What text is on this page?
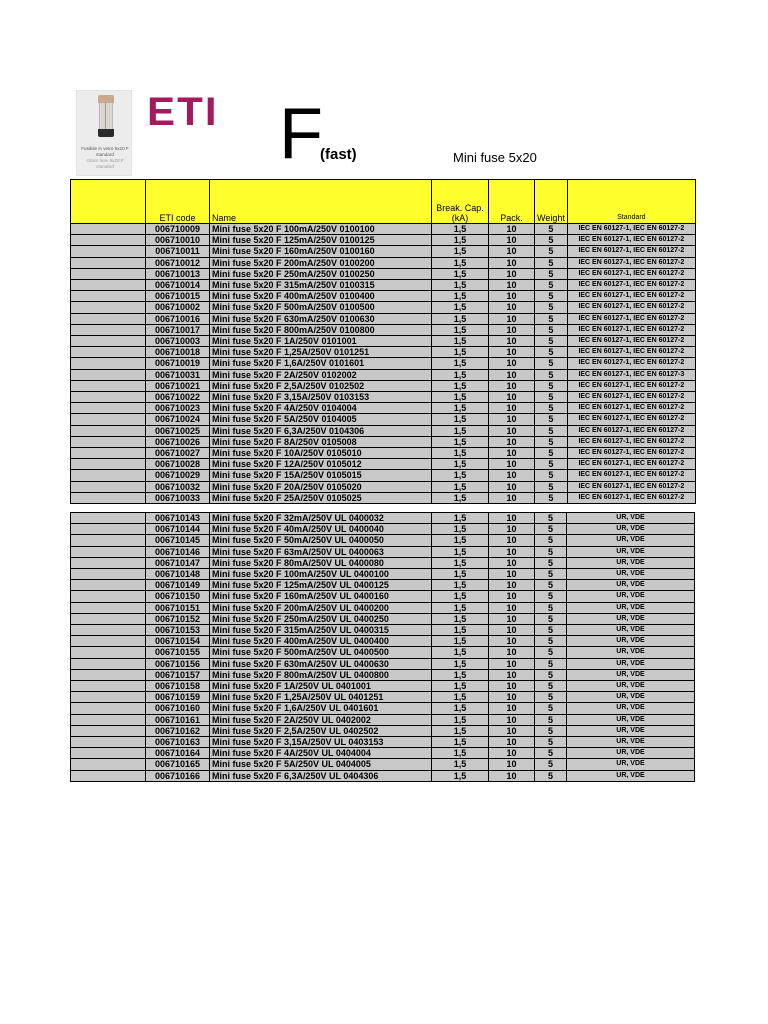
Fusibile in vetro 5x20 F
standard
Glass fuse 5x20 F
standard
ETI F
(fast)	Mini fuse 5x20
	ETI code	Name	Break. Cap.
(kA)	Pack.	Weight	Standard
	006710009	Mini fuse 5x20 F 100mA/250V 0100100	1,5	10	5	IEC EN 60127-1, IEC EN 60127-2
	006710010	Mini fuse 5x20 F 125mA/250V 0100125	1,5	10	5	IEC EN 60127-1, IEC EN 60127-2
	006710011	Mini fuse 5x20 F 160mA/250V 0100160	1,5	10	5	IEC EN 60127-1, IEC EN 60127-2
	006710012	Mini fuse 5x20 F 200mA/250V 0100200	1,5	10	5	IEC EN 60127-1, IEC EN 60127-2
	006710013	Mini fuse 5x20 F 250mA/250V 0100250	1,5	10	5	IEC EN 60127-1, IEC EN 60127-2
	006710014	Mini fuse 5x20 F 315mA/250V 0100315	1,5	10	5	IEC EN 60127-1, IEC EN 60127-2
	006710015	Mini fuse 5x20 F 400mA/250V 0100400	1,5	10	5	IEC EN 60127-1, IEC EN 60127-2
	006710002	Mini fuse 5x20 F 500mA/250V 0100500	1,5	10	5	IEC EN 60127-1, IEC EN 60127-2
	006710016	Mini fuse 5x20 F 630mA/250V 0100630	1,5	10	5	IEC EN 60127-1, IEC EN 60127-2
	006710017	Mini fuse 5x20 F 800mA/250V 0100800	1,5	10	5	IEC EN 60127-1, IEC EN 60127-2
	006710003	Mini fuse 5x20 F 1A/250V 0101001	1,5	10	5	IEC EN 60127-1, IEC EN 60127-2
	006710018	Mini fuse 5x20 F 1,25A/250V 0101251	1,5	10	5	IEC EN 60127-1, IEC EN 60127-2
	006710019	Mini fuse 5x20 F 1,6A/250V 0101601	1,5	10	5	IEC EN 60127-1, IEC EN 60127-2
	006710031	Mini fuse 5x20 F 2A/250V 0102002	1,5	10	5	IEC EN 60127-1, IEC EN 60127-3
	006710021	Mini fuse 5x20 F 2,5A/250V 0102502	1,5	10	5	IEC EN 60127-1, IEC EN 60127-2
	006710022	Mini fuse 5x20 F 3,15A/250V 0103153	1,5	10	5	IEC EN 60127-1, IEC EN 60127-2
	006710023	Mini fuse 5x20 F 4A/250V 0104004	1,5	10	5	IEC EN 60127-1, IEC EN 60127-2
	006710024	Mini fuse 5x20 F 5A/250V 0104005	1,5	10	5	IEC EN 60127-1, IEC EN 60127-2
	006710025	Mini fuse 5x20 F 6,3A/250V 0104306	1,5	10	5	IEC EN 60127-1, IEC EN 60127-2
	006710026	Mini fuse 5x20 F 8A/250V 0105008	1,5	10	5	IEC EN 60127-1, IEC EN 60127-2
	006710027	Mini fuse 5x20 F 10A/250V 0105010	1,5	10	5	IEC EN 60127-1, IEC EN 60127-2
	006710028	Mini fuse 5x20 F 12A/250V 0105012	1,5	10	5	IEC EN 60127-1, IEC EN 60127-2
	006710029	Mini fuse 5x20 F 15A/250V 0105015	1,5	10	5	IEC EN 60127-1, IEC EN 60127-2
	006710032	Mini fuse 5x20 F 20A/250V 0105020	1,5	10	5	IEC EN 60127-1, IEC EN 60127-2
	006710033	Mini fuse 5x20 F 25A/250V 0105025	1,5	10	5	IEC EN 60127-1, IEC EN 60127-2
	006710143	Mini fuse 5x20 F 32mA/250V UL 0400032	1,5	10	5	UR, VDE
	006710144	Mini fuse 5x20 F 40mA/250V UL 0400040	1,5	10	5	UR, VDE
	006710145	Mini fuse 5x20 F 50mA/250V UL 0400050	1,5	10	5	UR, VDE
	006710146	Mini fuse 5x20 F 63mA/250V UL 0400063	1,5	10	5	UR, VDE
	006710147	Mini fuse 5x20 F 80mA/250V UL 0400080	1,5	10	5	UR, VDE
	006710148	Mini fuse 5x20 F 100mA/250V UL 0400100	1,5	10	5	UR, VDE
	006710149	Mini fuse 5x20 F 125mA/250V UL 0400125	1,5	10	5	UR, VDE
	006710150	Mini fuse 5x20 F 160mA/250V UL 0400160	1,5	10	5	UR, VDE
	006710151	Mini fuse 5x20 F 200mA/250V UL 0400200	1,5	10	5	UR, VDE
	006710152	Mini fuse 5x20 F 250mA/250V UL 0400250	1,5	10	5	UR, VDE
	006710153	Mini fuse 5x20 F 315mA/250V UL 0400315	1,5	10	5	UR, VDE
	006710154	Mini fuse 5x20 F 400mA/250V UL 0400400	1,5	10	5	UR, VDE
	006710155	Mini fuse 5x20 F 500mA/250V UL 0400500	1,5	10	5	UR, VDE
	006710156	Mini fuse 5x20 F 630mA/250V UL 0400630	1,5	10	5	UR, VDE
	006710157	Mini fuse 5x20 F 800mA/250V UL 0400800	1,5	10	5	UR, VDE
	006710158	Mini fuse 5x20 F 1A/250V UL 0401001	1,5	10	5	UR, VDE
	006710159	Mini fuse 5x20 F 1,25A/250V UL 0401251	1,5	10	5	UR, VDE
	006710160	Mini fuse 5x20 F 1,6A/250V UL 0401601	1,5	10	5	UR, VDE
	006710161	Mini fuse 5x20 F 2A/250V UL 0402002	1,5	10	5	UR, VDE
	006710162	Mini fuse 5x20 F 2,5A/250V UL 0402502	1,5	10	5	UR, VDE
	006710163	Mini fuse 5x20 F 3,15A/250V UL 0403153	1,5	10	5	UR, VDE
	006710164	Mini fuse 5x20 F 4A/250V UL 0404004	1,5	10	5	UR, VDE
	006710165	Mini fuse 5x20 F 5A/250V UL 0404005	1,5	10	5	UR, VDE
	006710166	Mini fuse 5x20 F 6,3A/250V UL 0404306	1,5	10	5	UR, VDE
